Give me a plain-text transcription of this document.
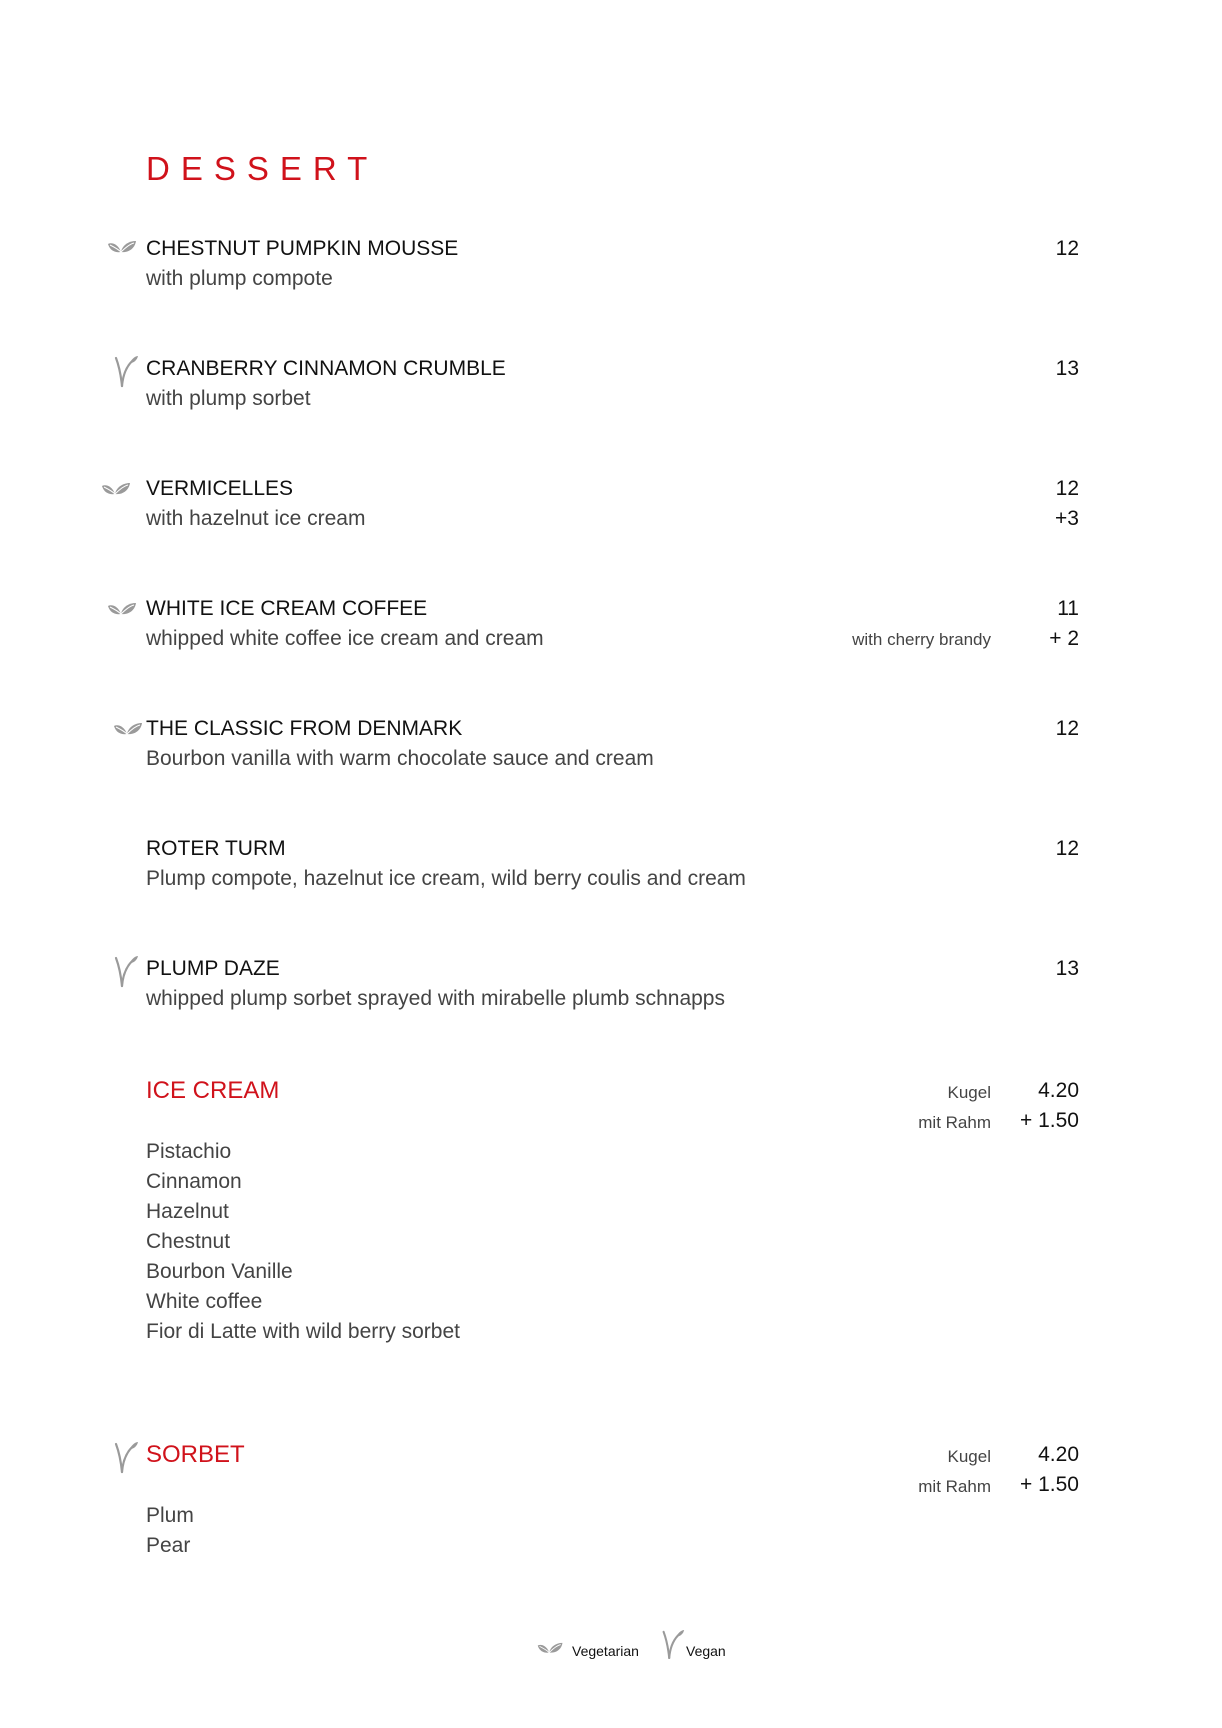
DESSERT
CHESTNUT PUMPKIN MOUSSE
with plump compote
12
CRANBERRY CINNAMON CRUMBLE
with plump sorbet
13
VERMICELLES
with hazelnut ice cream
12
+3
WHITE ICE CREAM COFFEE
whipped white coffee ice cream and cream
11
with cherry brandy	+ 2
THE CLASSIC FROM DENMARK
Bourbon vanilla with warm chocolate sauce and cream
12
ROTER TURM
Plump compote, hazelnut ice cream, wild berry coulis and cream
12
PLUMP DAZE
whipped plump sorbet sprayed with mirabelle plumb schnapps
13
ICE CREAM	Kugel	4.20
mit Rahm	+ 1.50
Pistachio
Cinnamon
Hazelnut
Chestnut
Bourbon Vanille
White coffee
Fior di Latte with wild berry sorbet
SORBET	Kugel	4.20
mit Rahm	+ 1.50
Plum
Pear
Vegetarian	Vegan
